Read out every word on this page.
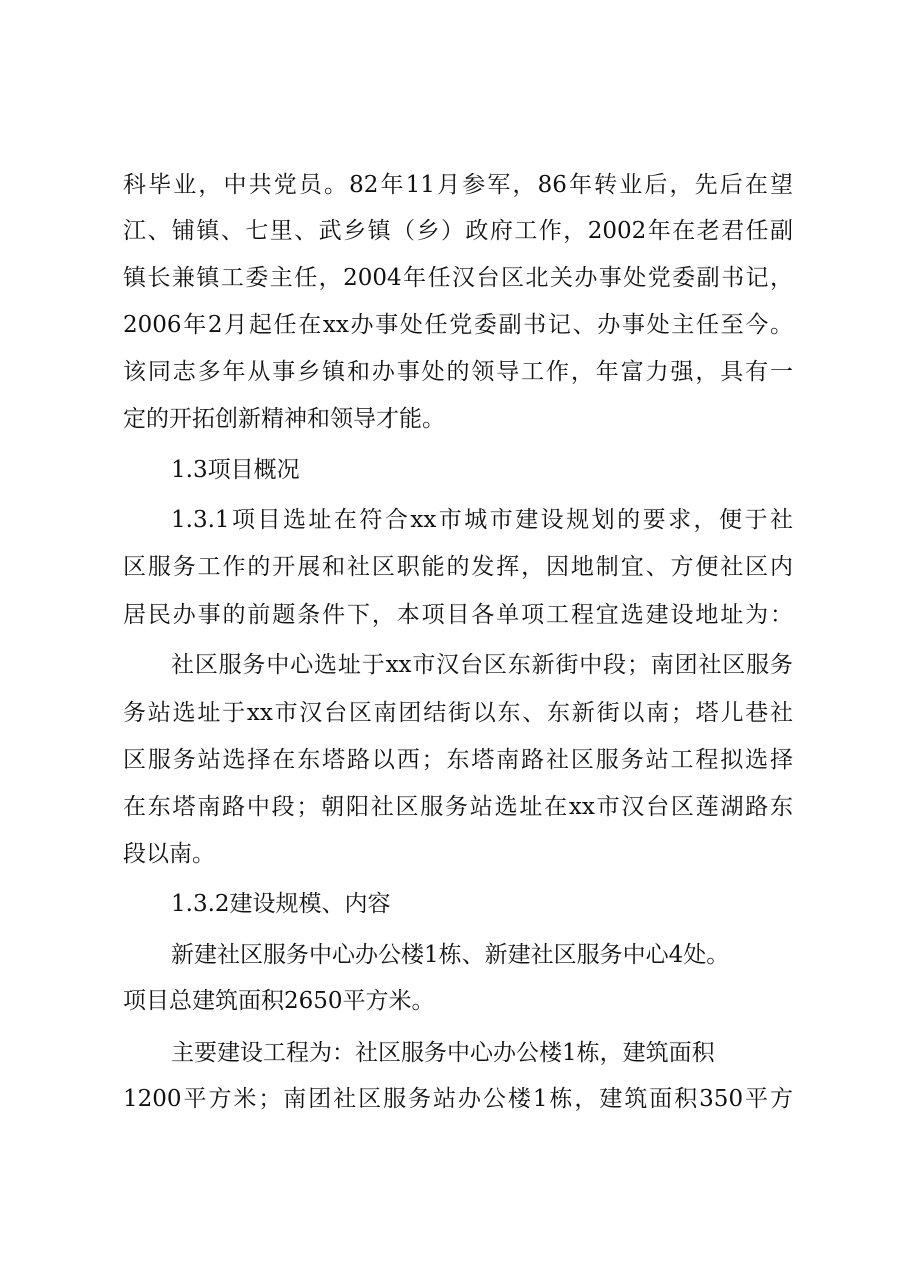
科毕业，中共党员。82年11月参军，86年转业后，先后在望
江、铺镇、七里、武乡镇（乡）政府工作，2002年在老君任副
镇长兼镇工委主任，2004年任汉台区北关办事处党委副书记，
2006年2月起任在xx办事处任党委副书记、办事处主任至今。
该同志多年从事乡镇和办事处的领导工作，年富力强，具有一
定的开拓创新精神和领导才能。
1.3项目概况
1.3.1项目选址在符合xx市城市建设规划的要求，便于社
区服务工作的开展和社区职能的发挥，因地制宜、方便社区内
居民办事的前题条件下，本项目各单项工程宜选建设地址为：
社区服务中心选址于xx市汉台区东新街中段；南团社区服务
务站选址于xx市汉台区南团结街以东、东新街以南；塔儿巷社
区服务站选择在东塔路以西；东塔南路社区服务站工程拟选择
在东塔南路中段；朝阳社区服务站选址在xx市汉台区莲湖路东
段以南。
1.3.2建设规模、内容
新建社区服务中心办公楼1栋、新建社区服务中心4处。
项目总建筑面积2650平方米。
主要建设工程为：社区服务中心办公楼1栋，建筑面积
1200平方米；南团社区服务站办公楼1栋，建筑面积350平方
